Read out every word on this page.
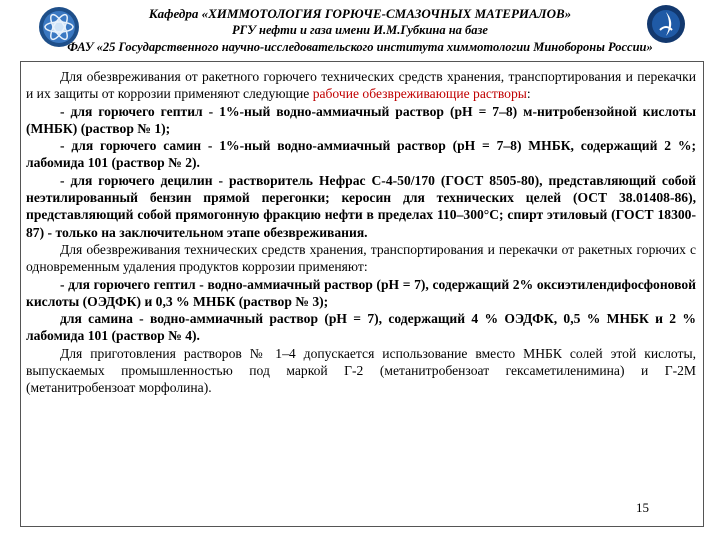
Кафедра «ХИММОТОЛОГИЯ ГОРЮЧЕ-СМАЗОЧНЫХ МАТЕРИАЛОВ»
РГУ нефти и газа имени И.М.Губкина на базе
ФАУ «25 Государственного научно-исследовательского института химмотологии Минобороны России»

Для обезвреживания от ракетного горючего технических средств хранения, транспортирования и перекачки и их защиты от коррозии применяют следующие рабочие обезвреживающие растворы:

- для горючего гептил - 1%-ный водно-аммиачный раствор (рН = 7–8) м-нитробензойной кислоты (МНБК) (раствор № 1);

- для горючего самин - 1%-ный водно-аммиачный раствор (рН = 7–8) МНБК, содержащий 2 %; лабомида 101 (раствор № 2).

- для горючего децилин - растворитель Нефрас С-4-50/170 (ГОСТ 8505-80), представляющий собой неэтилированный бензин прямой перегонки; керосин для технических целей (ОСТ 38.01408-86), представляющий собой прямогонную фракцию нефти в пределах 110–300°С; спирт этиловый (ГОСТ 18300-87) - только на заключительном этапе обезвреживания.

Для обезвреживания технических средств хранения, транспортирования и перекачки от ракетных горючих с одновременным удаления продуктов коррозии применяют:

- для горючего гептил - водно-аммиачный раствор (рН = 7), содержащий 2% оксиэтилендифосфоновой кислоты (ОЭДФК) и 0,3 % МНБК (раствор № 3);

для самина - водно-аммиачный раствор (рН = 7), содержащий 4 % ОЭДФК, 0,5 % МНБК и 2 % лабомида 101 (раствор № 4).

Для приготовления растворов № 1–4 допускается использование вместо МНБК солей этой кислоты, выпускаемых промышленностью под маркой Г-2 (метанитробензоат гексаметиленимина) и Г-2М (метанитробензоат морфолина).

15
